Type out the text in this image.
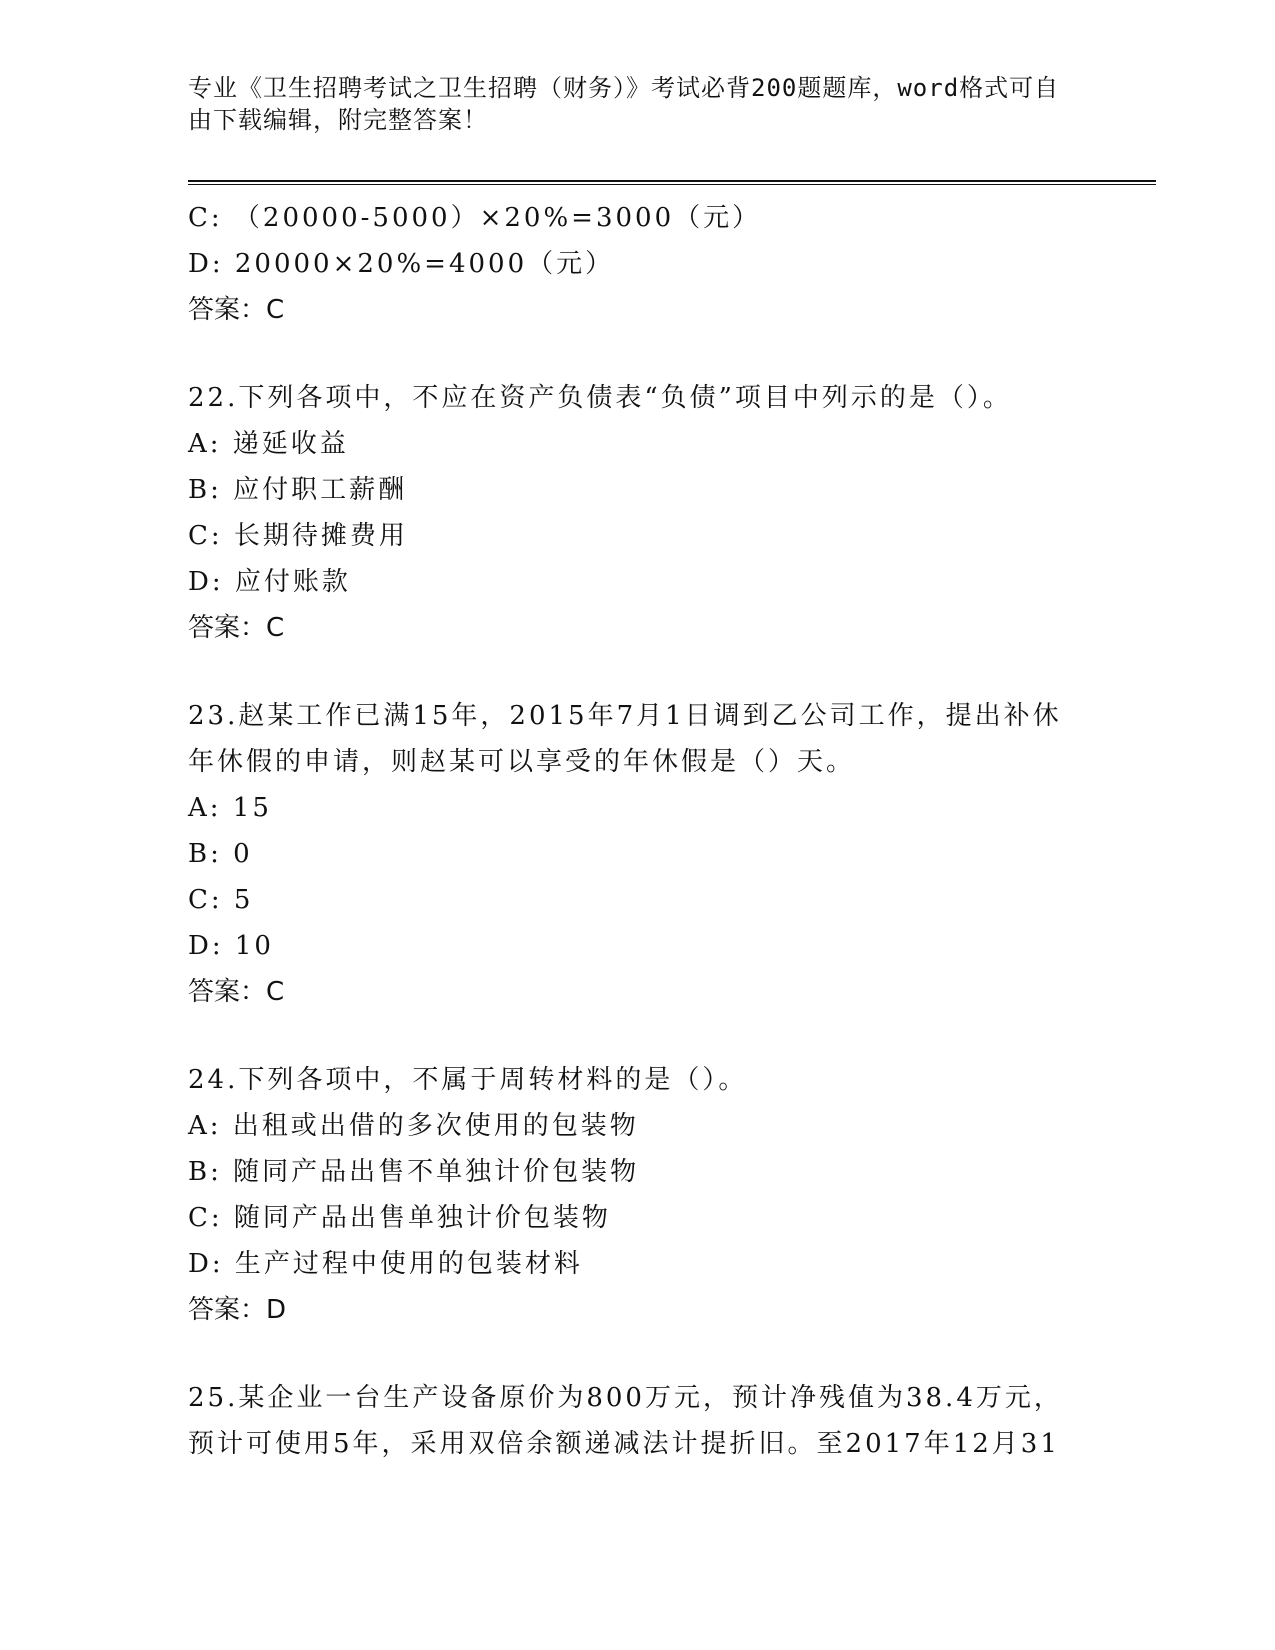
专业《卫生招聘考试之卫生招聘（财务）》考试必背200题题库，word格式可自
由下载编辑，附完整答案！
C: （20000-5000）×20%=3000（元）
D: 20000×20%=4000（元）
答案：C
22.下列各项中，不应在资产负债表“负债”项目中列示的是（）。
A: 递延收益
B: 应付职工薪酬
C: 长期待摊费用
D: 应付账款
答案：C
23.赵某工作已满15年，2015年7月1日调到乙公司工作，提出补休
年休假的申请，则赵某可以享受的年休假是（）天。
A: 15
B: 0
C: 5
D: 10
答案：C
24.下列各项中，不属于周转材料的是（）。
A: 出租或出借的多次使用的包装物
B: 随同产品出售不单独计价包装物
C: 随同产品出售单独计价包装物
D: 生产过程中使用的包装材料
答案：D
25.某企业一台生产设备原价为800万元，预计净残值为38.4万元，
预计可使用5年，采用双倍余额递减法计提折旧。至2017年12月31
